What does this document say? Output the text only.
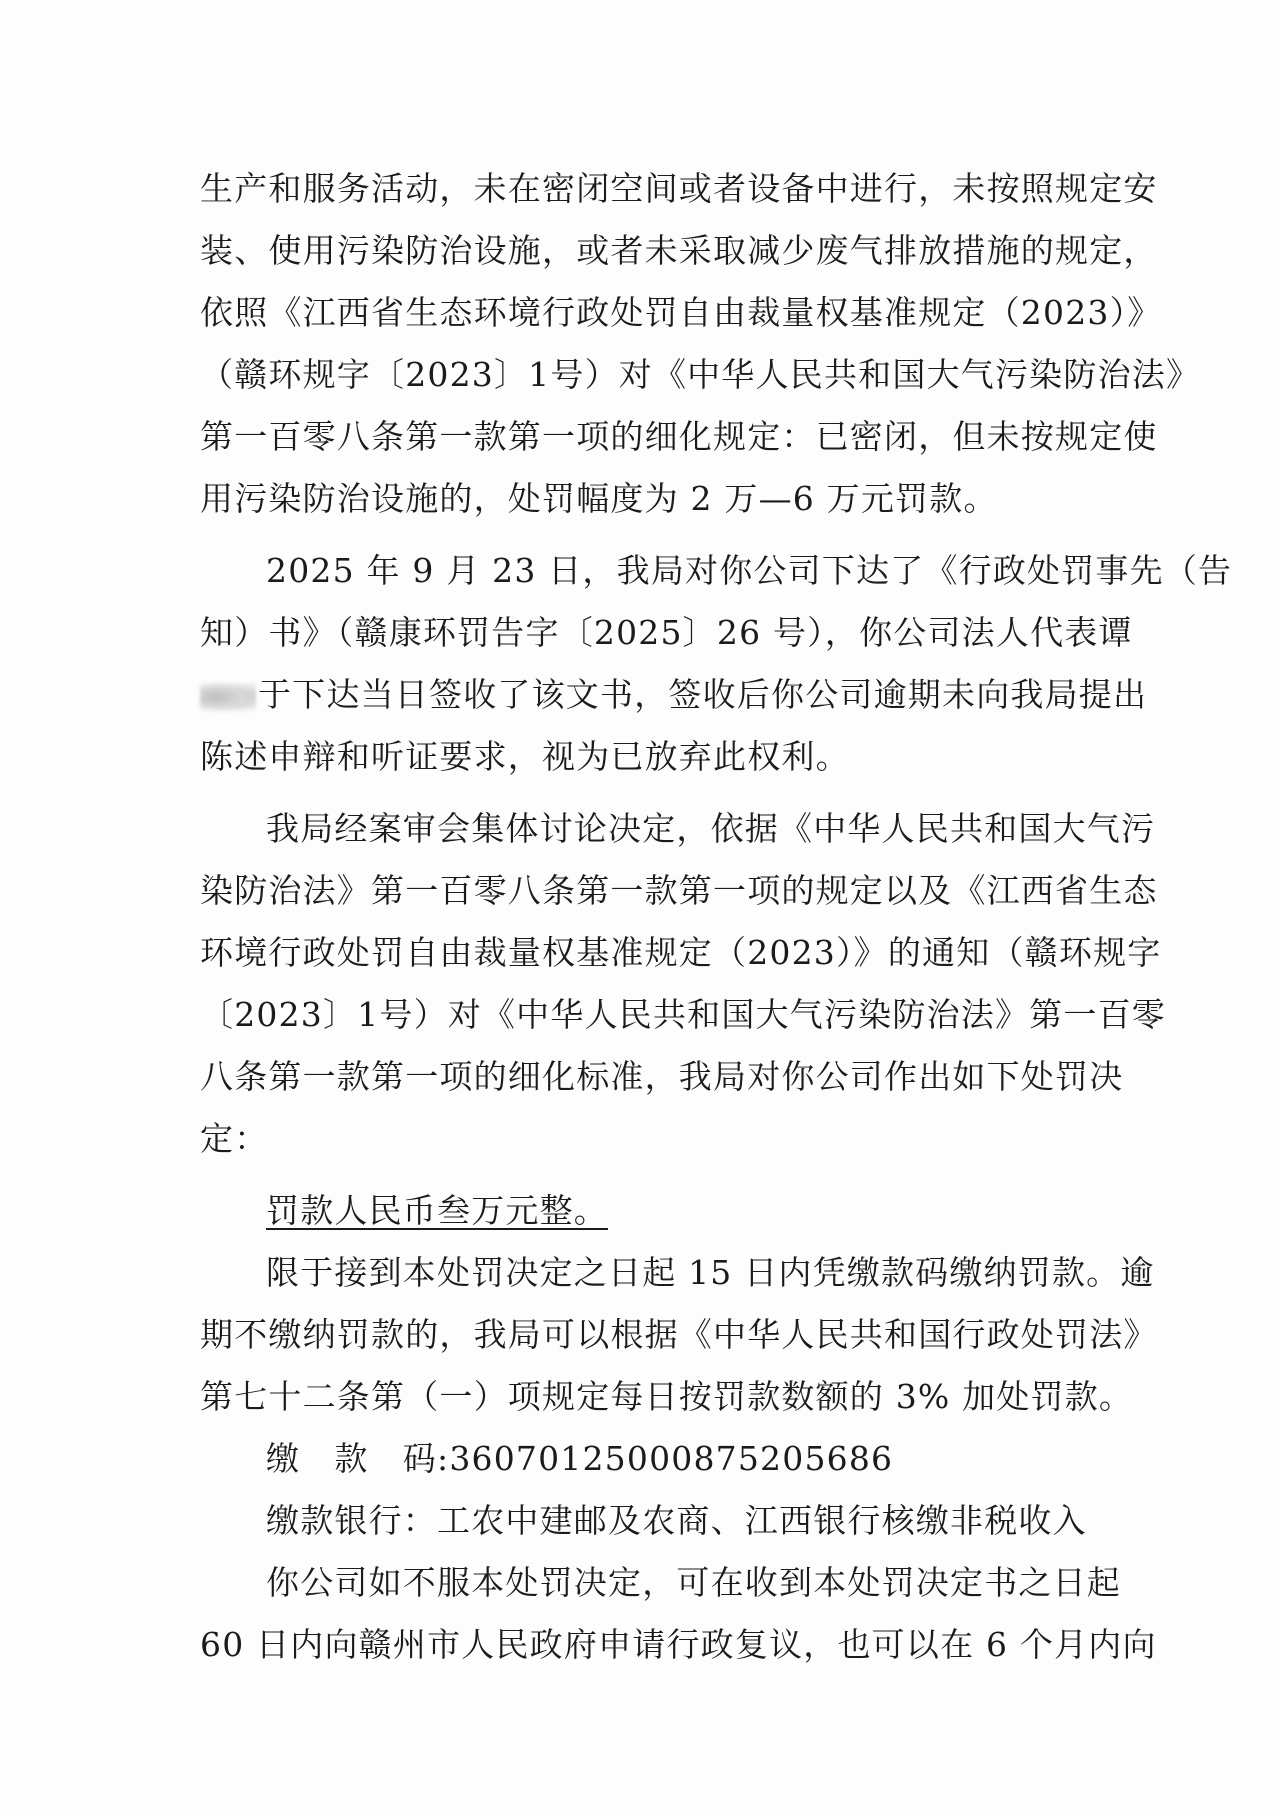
生产和服务活动，未在密闭空间或者设备中进行，未按照规定安
装、使用污染防治设施，或者未采取减少废气排放措施的规定，
依照《江西省生态环境行政处罚自由裁量权基准规定（2023）》
（赣环规字〔2023〕1号）对《中华人民共和国大气污染防治法》
第一百零八条第一款第一项的细化规定：已密闭，但未按规定使
用污染防治设施的，处罚幅度为 2 万—6 万元罚款。
2025 年 9 月 23 日，我局对你公司下达了《行政处罚事先（告
知）书》（赣康环罚告字〔2025〕26 号），你公司法人代表谭
于下达当日签收了该文书，签收后你公司逾期未向我局提出
陈述申辩和听证要求，视为已放弃此权利。
我局经案审会集体讨论决定，依据《中华人民共和国大气污
染防治法》第一百零八条第一款第一项的规定以及《江西省生态
环境行政处罚自由裁量权基准规定（2023）》的通知（赣环规字
〔2023〕1号）对《中华人民共和国大气污染防治法》第一百零
八条第一款第一项的细化标准，我局对你公司作出如下处罚决
定：
罚款人民币叁万元整。
限于接到本处罚决定之日起 15 日内凭缴款码缴纳罚款。逾
期不缴纳罚款的，我局可以根据《中华人民共和国行政处罚法》
第七十二条第（一）项规定每日按罚款数额的 3% 加处罚款。
缴　款　码:360701250008752056​86
缴款银行：工农中建邮及农商、江西银行核缴非税收入
你公司如不服本处罚决定，可在收到本处罚决定书之日起
60 日内向赣州市人民政府申请行政复议，也可以在 6 个月内向
